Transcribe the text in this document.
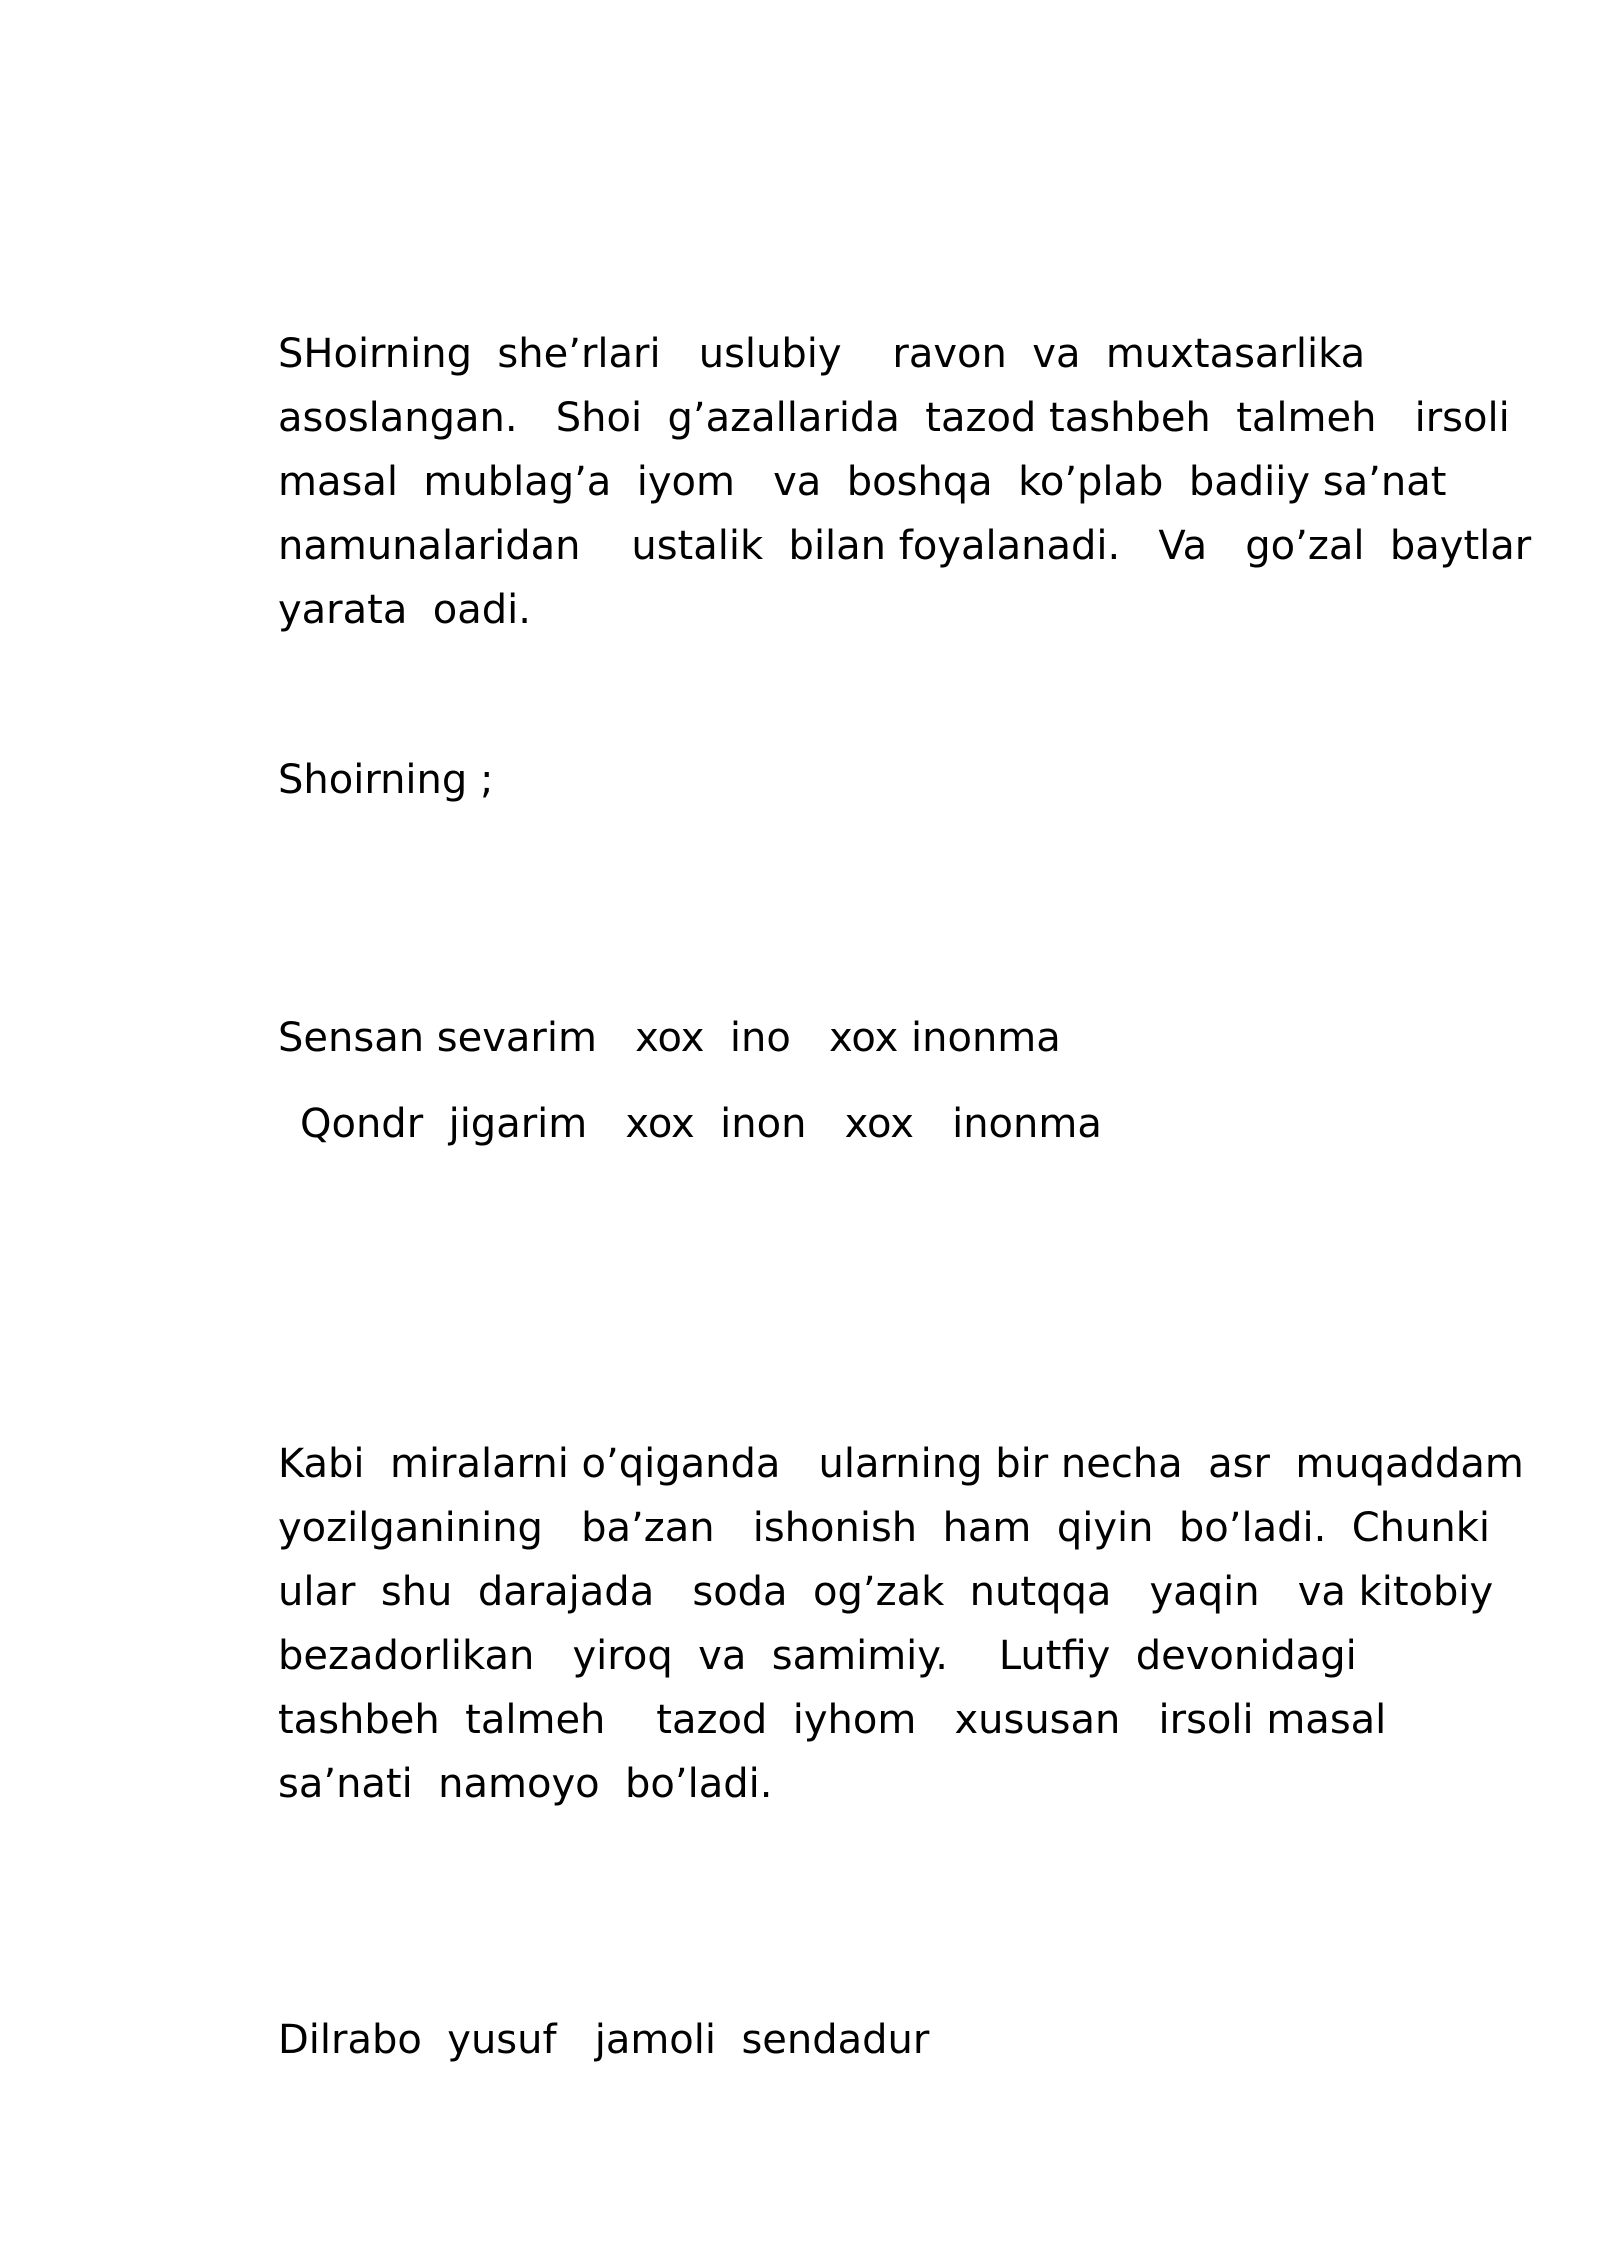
SHoirning  she’rlari   uslubiy    ravon  va  muxtasarlika
asoslangan.   Shoi  g’azallarida  tazod tashbeh  talmeh   irsoli
masal  mublag’a  iyom   va  boshqa  ko’plab  badiiy sa’nat
namunalaridan    ustalik  bilan foyalanadi.   Va   go’zal  baytlar
yarata  oadi.
Shoirning ;
Sensan sevarim   xox  ino   xox inonma
Qondr  jigarim   xox  inon   xox   inonma
Kabi  miralarni o’qiganda   ularning bir necha  asr  muqaddam
yozilganining   ba’zan   ishonish  ham  qiyin  bo’ladi.  Chunki
ular  shu  darajada   soda  og’zak  nutqqa   yaqin   va kitobiy
bezadorlikan   yiroq  va  samimiy.    Lutfiy  devonidagi
tashbeh  talmeh    tazod  iyhom   xususan   irsoli masal
sa’nati  namoyo  bo’ladi.
Dilrabo  yusuf   jamoli  sendadur
